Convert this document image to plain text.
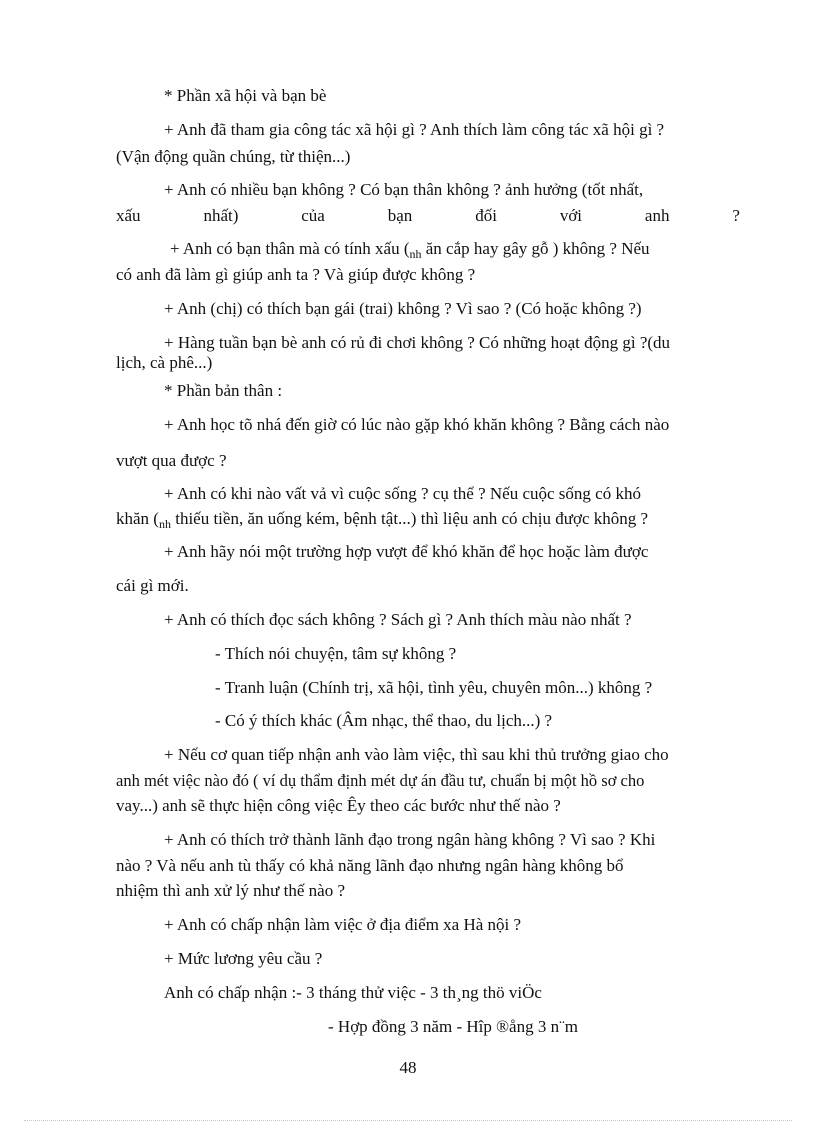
* Phần xã hội và bạn bè
+ Anh đã tham gia công tác xã hội gì ? Anh thích làm công tác xã hội gì ?
(Vận động quần chúng, từ thiện...)
+ Anh có nhiều bạn không ? Có bạn thân không ? ảnh hưởng (tốt nhất,
xấu	nhất)	của	bạn	đối	với	anh	?
+ Anh có bạn thân mà có tính xấu ($_{nh}$ ăn cắp hay gây gỗ ) không ? Nếu
có anh đã làm gì giúp anh ta ? Và giúp được không ?
+ Anh (chị) có thích bạn gái (trai) không ? Vì sao ? (Có hoặc không ?)
+ Hàng tuần bạn bè anh có rủ đi chơi không ? Có những hoạt động gì ?(du
lịch, cà phê...)
* Phần bản thân :
+ Anh học tõ nhá đến giờ có lúc nào gặp khó khăn không ? Bằng cách nào
vượt qua được ?
+ Anh có khi nào vất vả vì cuộc sống ? cụ thể ? Nếu cuộc sống có khó
khăn ($_{nh}$ thiếu tiền, ăn uống kém, bệnh tật...) thì liệu anh có chịu được không ?
+ Anh hãy nói một trường hợp vượt để khó khăn để học hoặc làm được
cái gì mới.
+ Anh có thích đọc sách không ? Sách gì ? Anh thích màu nào nhất ?
- Thích nói chuyện, tâm sự không ?
- Tranh luận (Chính trị, xã hội, tình yêu, chuyên môn...) không ?
- Có ý thích khác (Âm nhạc, thể thao, du lịch...) ?
+ Nếu cơ quan tiếp nhận anh vào làm việc, thì sau khi thủ trưởng giao cho
anh mét việc nào đó ( ví dụ thẩm định mét dự án đầu tư, chuẩn bị một hồ sơ cho
vay...) anh sẽ thực hiện công việc Êy theo các bước như thế nào ?
+ Anh có thích trở thành lãnh đạo trong ngân hàng không ? Vì sao ? Khi
nào ? Và nếu anh tù thấy có khả năng lãnh đạo nhưng ngân hàng không bổ
nhiệm thì anh xử lý như thế nào ?
+ Anh có chấp nhận làm việc ở địa điểm xa Hà nội ?
+ Mức lương yêu cầu ?
Anh có chấp nhận :- 3 tháng thử việc - 3 th¸ng thö viÖc
- Hợp đồng 3 năm - Hîp ®ång 3 n¨m
48
